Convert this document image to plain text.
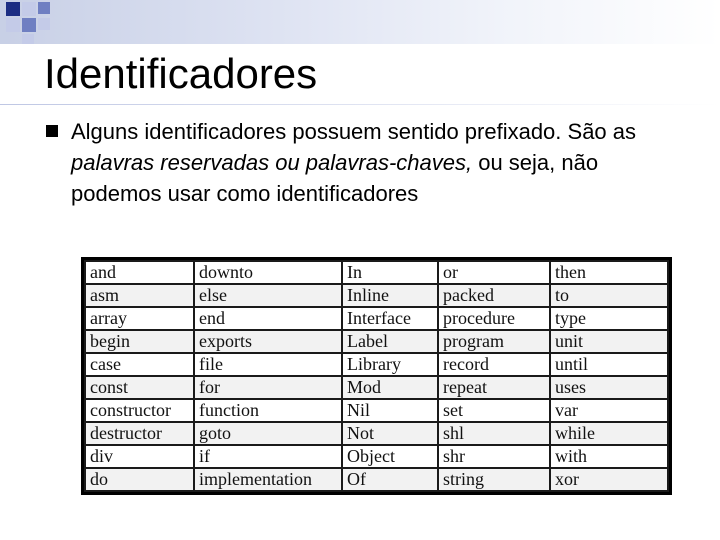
Identificadores

Alguns identificadores possuem sentido prefixado. São as palavras reservadas ou palavras-chaves, ou seja, não podemos usar como identificadores

and	downto	In	or	then
asm	else	Inline	packed	to
array	end	Interface	procedure	type
begin	exports	Label	program	unit
case	file	Library	record	until
const	for	Mod	repeat	uses
constructor	function	Nil	set	var
destructor	goto	Not	shl	while
div	if	Object	shr	with
do	implementation	Of	string	xor
